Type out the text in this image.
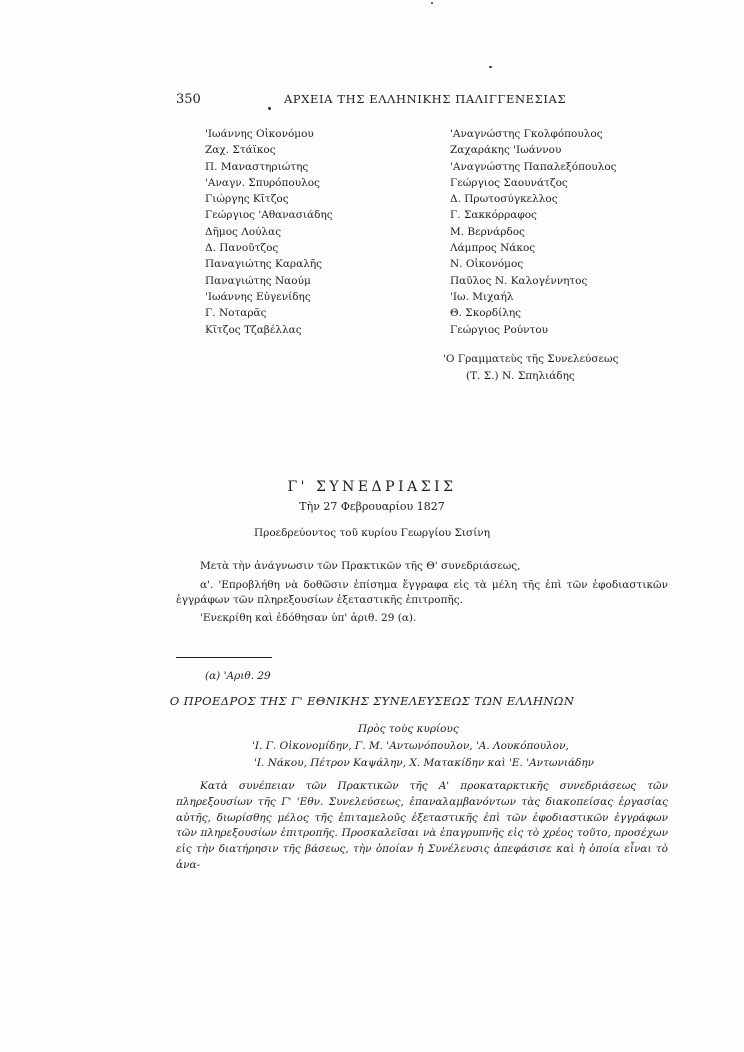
350	ΑΡΧΕΙΑ ΤΗΣ ΕΛΛΗΝΙΚΗΣ ΠΑΛΙΓΓΕΝΕΣΙΑΣ
'Ιωάννης Οἰκονόμου
Ζαχ. Στάϊκος
Π. Μαναστηριώτης
'Αναγν. Σπυρόπουλος
Γιώργης Κῖτζος
Γεώργιος 'Αθανασιάδης
Δῆμος Λούλας
Δ. Πανοῦτζος
Παναγιώτης Καραλῆς
Παναγιώτης Ναούμ
'Ιωάννης Εὐγενίδης
Γ. Νοταρᾶς
Κῖτζος Τζαβέλλας
'Αναγνώστης Γκολφόπουλος
Ζαχαράκης 'Ιωάννου
'Αναγνώστης Παπαλεξόπουλος
Γεώργιος Σαουνάτζος
Δ. Πρωτοσύγκελλος
Γ. Σακκόρραφος
Μ. Βερνάρδος
Λάμπρος Νάκος
Ν. Οἰκονόμος
Παῦλος Ν. Καλογέννητος
'Ιω. Μιχαήλ
Θ. Σκορδίλης
Γεώργιος Ρούντου
'Ο Γραμματεὺς τῆς Συνελεύσεως
(Τ. Σ.) Ν. Σπηλιάδης
Γ' ΣΥΝΕΔΡΙΑΣΙΣ
Τὴν 27 Φεβρουαρίου 1827
Προεδρεύοντος τοῦ κυρίου Γεωργίου Σισίνη
Μετὰ τὴν ἀνάγνωσιν τῶν Πρακτικῶν τῆς Θ' συνεδριάσεως,
α'. 'Επροβλήθη νὰ δοθῶσιν ἐπίσημα ἔγγραφα εἰς τὰ μέλη τῆς ἐπὶ τῶν ἐφοδιαστικῶν ἐγγράφων τῶν πληρεξουσίων ἐξεταστικῆς ἐπιτροπῆς.
'Ενεκρίθη καὶ ἐδόθησαν ὑπ' ἀριθ. 29 (α).
(α) 'Αριθ. 29
Ο ΠΡΟΕΔΡΟΣ ΤΗΣ Γ' ΕΘΝΙΚΗΣ ΣΥΝΕΛΕΥΣΕΩΣ ΤΩΝ ΕΛΛΗΝΩΝ
Πρὸς τοὺς κυρίους
'Ι. Γ. Οἰκονομίδην, Γ. Μ. 'Αντωνόπουλον, 'Α. Λουκόπουλον,
'Ι. Νάκου, Πέτρον Καψάλην, Χ. Ματακίδην καὶ 'Ε. 'Αντωνιάδην
Κατὰ συνέπειαν τῶν Πρακτικῶν τῆς Α' προκαταρκτικῆς συνεδριάσεως τῶν πληρεξουσίων τῆς Γ' 'Εθν. Συνελεύσεως, ἐπαναλαμβανόντων τὰς διακοπείσας ἐργασίας αὐτῆς, διωρίσθης μέλος τῆς ἐπιταμελοῦς ἐξεταστικῆς ἐπὶ τῶν ἐφοδιαστικῶν ἐγγράφων τῶν πληρεξουσίων ἐπιτροπῆς. Προσκαλεῖσαι νὰ ἐπαγρυπνῆς εἰς τὸ χρέος τοῦτο, προσέχων εἰς τὴν διατήρησιν τῆς βάσεως, τὴν ὁποίαν ἡ Συνέλευσις ἀπεφάσισε καὶ ἡ ὁποία εἶναι τὸ ἀνα-
